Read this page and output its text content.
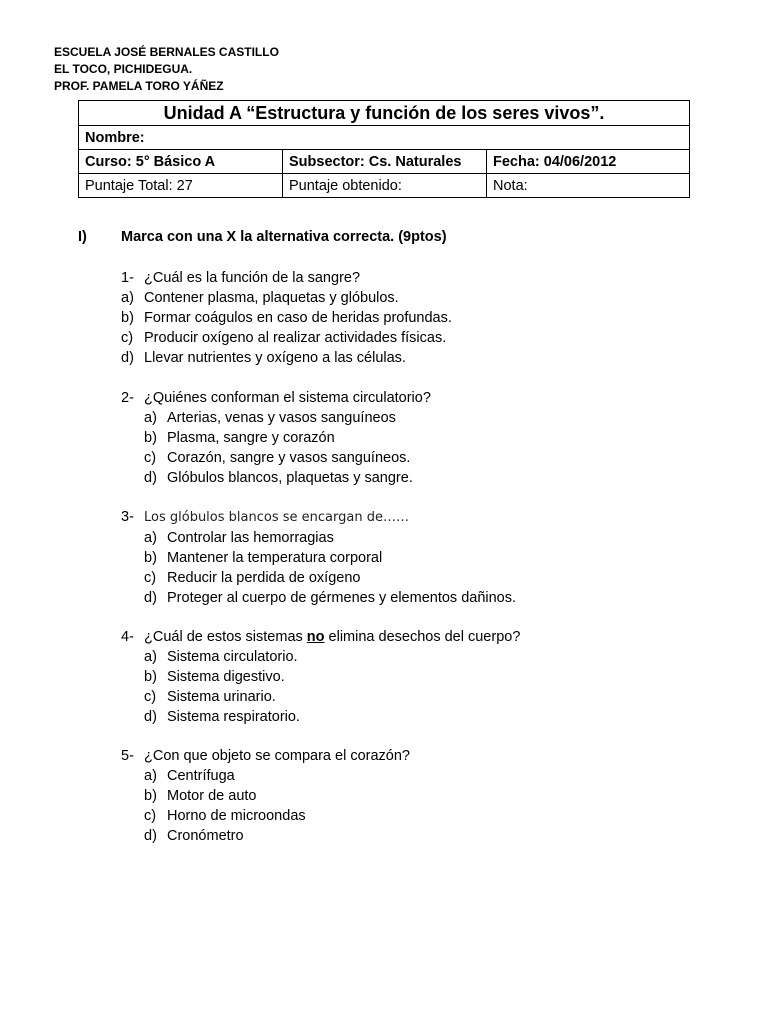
ESCUELA JOSÉ BERNALES CASTILLO
EL TOCO, PICHIDEGUA.
PROF. PAMELA TORO YÁÑEZ
Unidad A “Estructura y función de los seres vivos”.		
Nombre:		
Curso: 5° Básico A	Subsector: Cs. Naturales	Fecha: 04/06/2012
Puntaje Total: 27	Puntaje obtenido:	Nota:
I) Marca con una X la alternativa correcta. (9ptos)
1- ¿Cuál es la función de la sangre?
a) Contener plasma, plaquetas y glóbulos.
b) Formar coágulos en caso de heridas profundas.
c) Producir oxígeno al realizar actividades físicas.
d) Llevar nutrientes y oxígeno a las células.
2- ¿Quiénes conforman el sistema circulatorio?
a) Arterias, venas y vasos sanguíneos
b) Plasma, sangre y corazón
c) Corazón, sangre y vasos sanguíneos.
d) Glóbulos blancos, plaquetas y sangre.
3- Los glóbulos blancos se encargan de……
a) Controlar las hemorragias
b) Mantener la temperatura corporal
c) Reducir la perdida de oxígeno
d) Proteger al cuerpo de gérmenes y elementos dañinos.
4- ¿Cuál de estos sistemas no elimina desechos del cuerpo?
a) Sistema circulatorio.
b) Sistema digestivo.
c) Sistema urinario.
d) Sistema respiratorio.
5- ¿Con que objeto se compara el corazón?
a) Centrífuga
b) Motor de auto
c) Horno de microondas
d) Cronómetro
